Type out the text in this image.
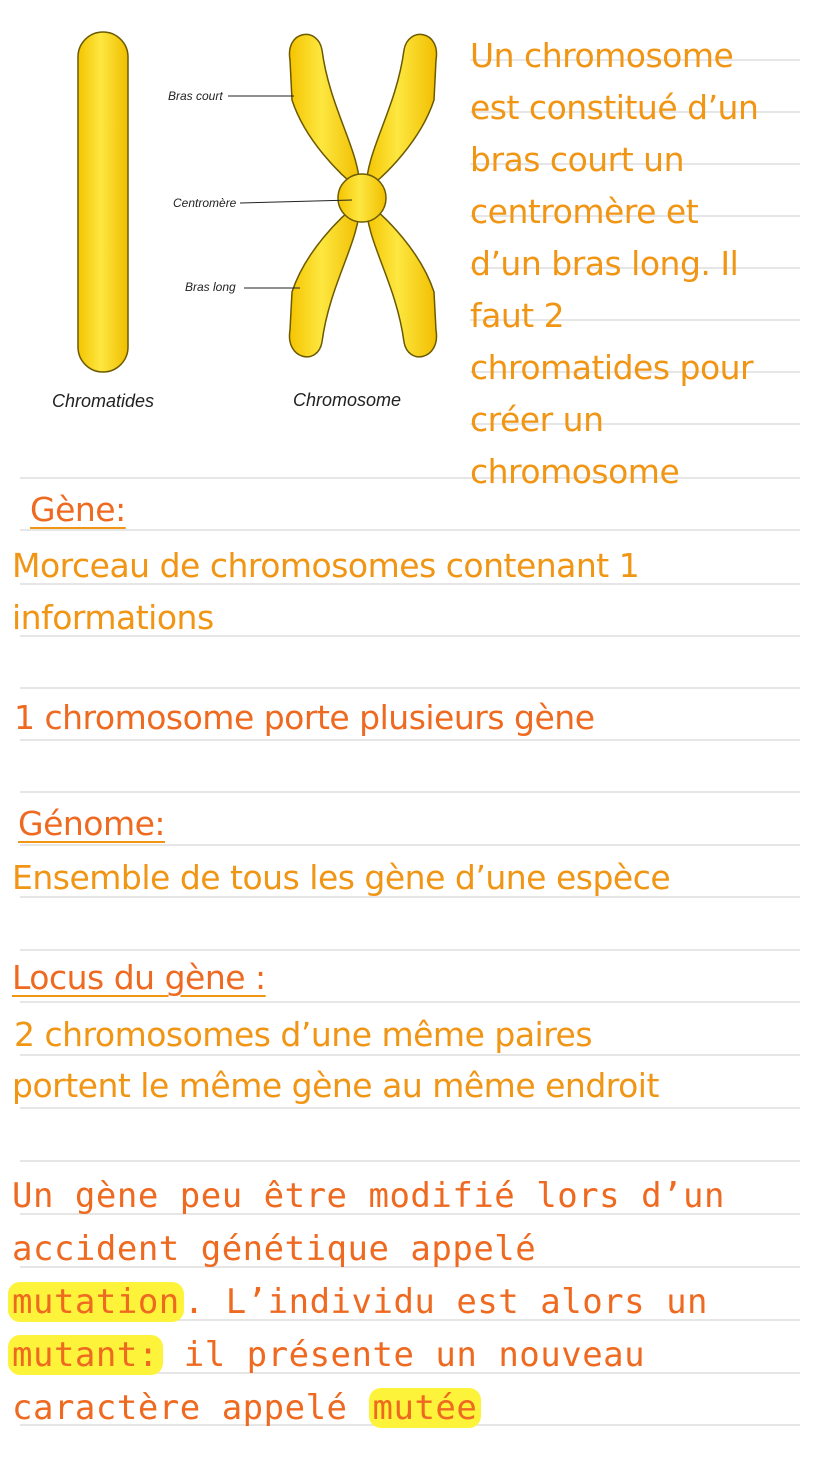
Bras court
Centromère
Bras long
Chromatides	Chromosome

Un chromosome
est constitué d’un
bras court un
centromère et
d’un bras long. Il
faut 2
chromatides pour
créer un
chromosome

Gène:

Morceau de chromosomes contenant 1

informations

1 chromosome porte plusieurs gène

Génome:

Ensemble de tous les gène d’une espèce

Locus du gène :

2 chromosomes d’une même paires

portent le même gène au même endroit

Un gène peu être modifié lors d’un

accident génétique appelé

mutation . L’individu est alors un

mutant: il présente un nouveau

caractère appelé mutée
